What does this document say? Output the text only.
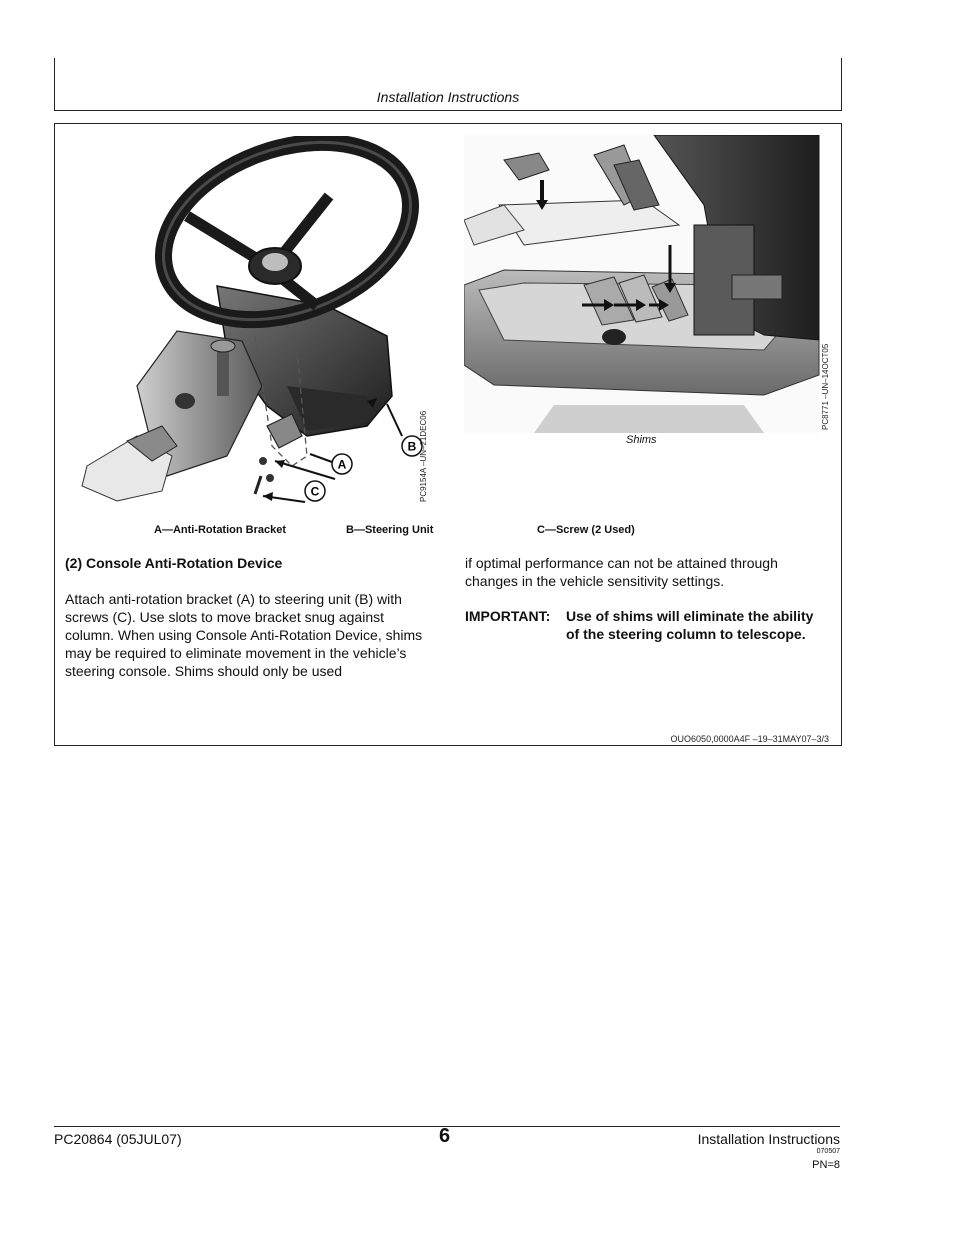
Installation Instructions
B
A
C	PC9154A –UN–21DEC06
PC8771 –UN–14OCT05
Shims
A—Anti-Rotation Bracket	B—Steering Unit	C—Screw (2 Used)
(2) Console Anti-Rotation Device
Attach anti-rotation bracket (A) to steering unit (B) with screws (C). Use slots to move bracket snug against column. When using Console Anti-Rotation Device, shims may be required to eliminate movement in the vehicle’s steering console. Shims should only be used
if optimal performance can not be attained through changes in the vehicle sensitivity settings.
IMPORTANT:	Use of shims will eliminate the ability of the steering column to telescope.
OUO6050,0000A4F –19–31MAY07–3/3
PC20864 (05JUL07)	6	Installation Instructions
070507
PN=8
